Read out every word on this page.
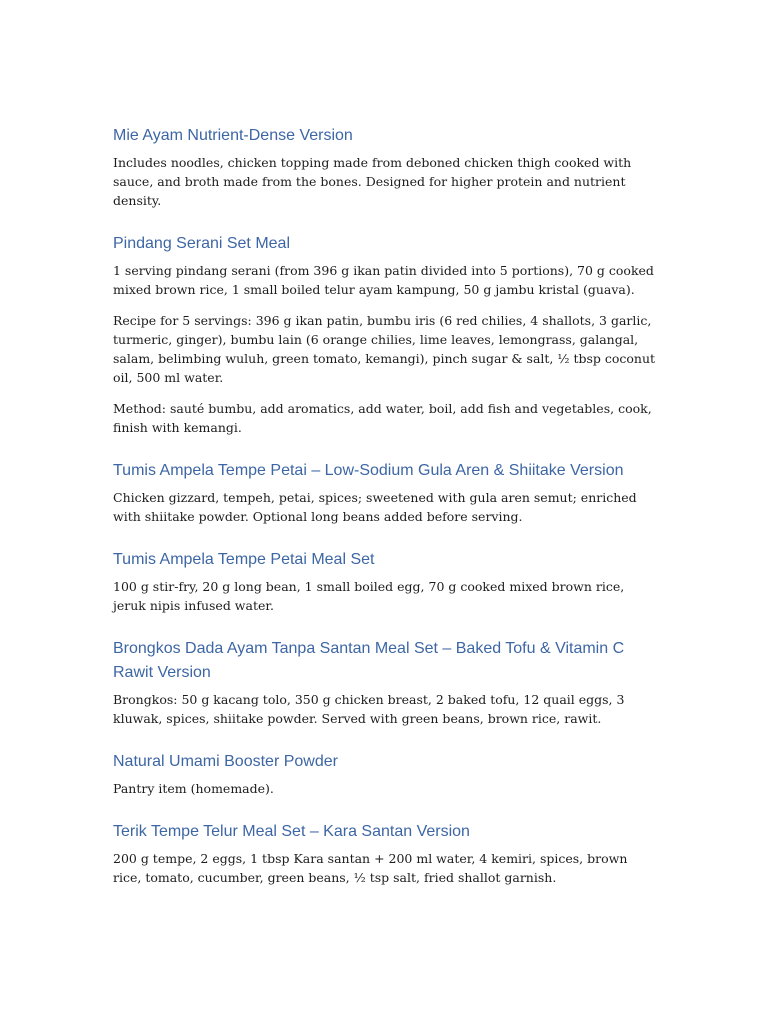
Mie Ayam Nutrient-Dense Version

Includes noodles, chicken topping made from deboned chicken thigh cooked with sauce, and broth made from the bones. Designed for higher protein and nutrient density.

Pindang Serani Set Meal

1 serving pindang serani (from 396 g ikan patin divided into 5 portions), 70 g cooked mixed brown rice, 1 small boiled telur ayam kampung, 50 g jambu kristal (guava).

Recipe for 5 servings: 396 g ikan patin, bumbu iris (6 red chilies, 4 shallots, 3 garlic, turmeric, ginger), bumbu lain (6 orange chilies, lime leaves, lemongrass, galangal, salam, belimbing wuluh, green tomato, kemangi), pinch sugar & salt, ½ tbsp coconut oil, 500 ml water.

Method: sauté bumbu, add aromatics, add water, boil, add fish and vegetables, cook, finish with kemangi.

Tumis Ampela Tempe Petai – Low-Sodium Gula Aren & Shiitake Version

Chicken gizzard, tempeh, petai, spices; sweetened with gula aren semut; enriched with shiitake powder. Optional long beans added before serving.

Tumis Ampela Tempe Petai Meal Set

100 g stir-fry, 20 g long bean, 1 small boiled egg, 70 g cooked mixed brown rice, jeruk nipis infused water.

Brongkos Dada Ayam Tanpa Santan Meal Set – Baked Tofu & Vitamin C Rawit Version

Brongkos: 50 g kacang tolo, 350 g chicken breast, 2 baked tofu, 12 quail eggs, 3 kluwak, spices, shiitake powder. Served with green beans, brown rice, rawit.

Natural Umami Booster Powder

Pantry item (homemade).

Terik Tempe Telur Meal Set – Kara Santan Version

200 g tempe, 2 eggs, 1 tbsp Kara santan + 200 ml water, 4 kemiri, spices, brown rice, tomato, cucumber, green beans, ½ tsp salt, fried shallot garnish.
